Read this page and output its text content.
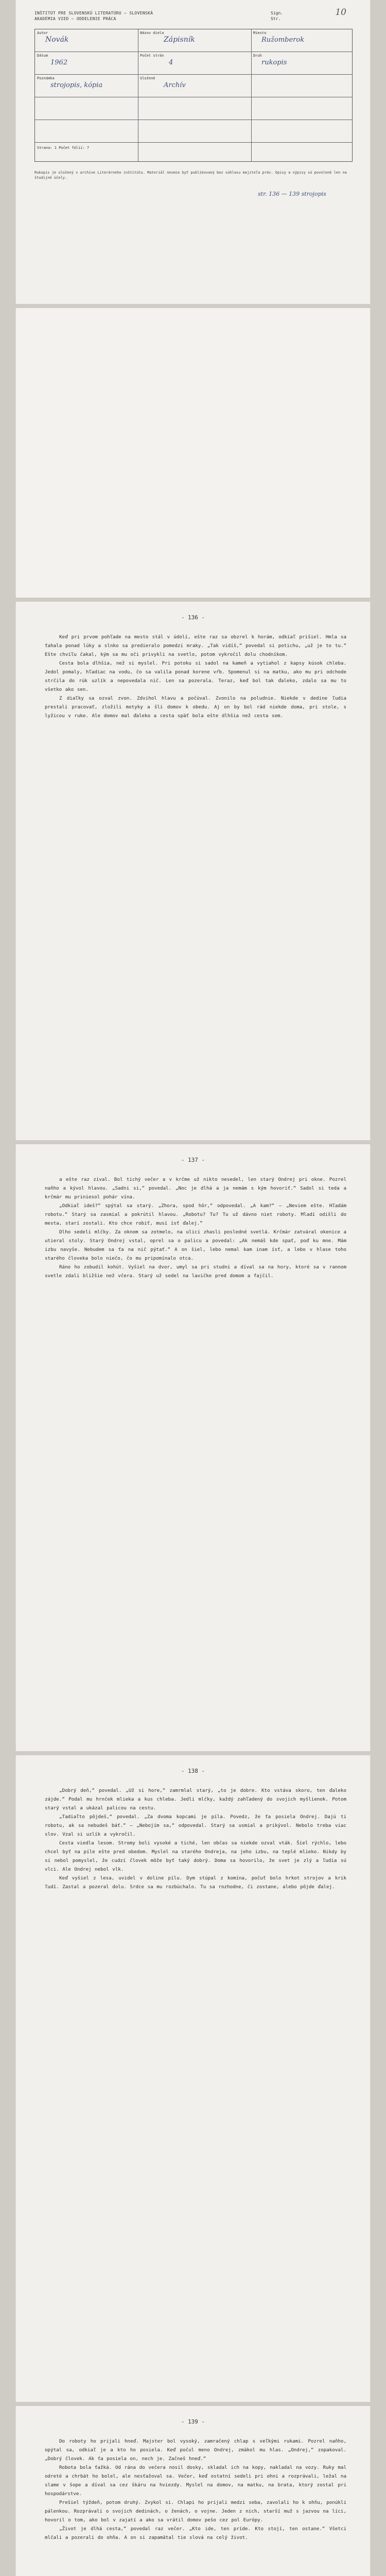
INŠTITÚT PRE SLOVENSKÚ LITERATÚRU — SLOVENSKÁ
AKADÉMIA VIED — ODDELENIE PRÁCA
Sign.
Str.
10
Autor
Novák
Názov diela
Zápisník
Miesto
Ružomberok
Dátum
1962
Počet strán
4
Druh
rukopis
Poznámka
strojopis, kópia
Uložené
Archív
Strana: 1 Počet fólií: 7
Rukopis je uložený v archíve Literárneho inštitútu. Materiál nesmie byť publikovaný bez súhlasu majiteľa práv. Opisy a výpisy sú povolené len na študijné účely.
str. 136 — 139 strojopis
- 136 -

Keď pri prvom pohľade na mesto stál v údolí, ešte raz sa obzrel k horám, odkiaľ prišiel. Hmla sa ťahala ponad lúky a slnko sa predieralo pomedzi mraky. „Tak vidíš,“ povedal si potichu, „už je to tu.“ Ešte chvíľu čakal, kým sa mu oči privykli na svetlo, potom vykročil dolu chodníkom.

Cesta bola dlhšia, než si myslel. Pri potoku si sadol na kameň a vytiahol z kapsy kúsok chleba. Jedol pomaly, hľadiac na vodu, čo sa valila ponad korene vŕb. Spomenul si na matku, ako mu pri odchode strčila do rúk uzlík a nepovedala nič. Len sa pozerala. Teraz, keď bol tak ďaleko, zdalo sa mu to všetko ako sen.

Z diaľky sa ozval zvon. Zdvihol hlavu a počúval. Zvonilo na poludnie. Niekde v dedine ľudia prestali pracovať, zložili motyky a šli domov k obedu. Aj on by bol rád niekde doma, pri stole, s lyžicou v ruke. Ale domov mal ďaleko a cesta späť bola ešte dlhšia než cesta sem.

- 137 -

a ešte raz zíval. Bol tichý večer a v krčme už nikto nesedel, len starý Ondrej pri okne. Pozrel naňho a kývol hlavou. „Sadni si,“ povedal. „Noc je dlhá a ja nemám s kým hovoriť.“ Sadol si teda a krčmár mu priniesol pohár vína.

„Odkiaľ ideš?“ spýtal sa starý. „Zhora, spod hôr,“ odpovedal. „A kam?“ — „Neviem ešte. Hľadám robotu.“ Starý sa zasmial a pokrútil hlavou. „Robotu? Tu? Tu už dávno niet roboty. Mladí odišli do mesta, starí zostali. Kto chce robiť, musí ísť ďalej.“

Dlho sedeli mlčky. Za oknom sa zotmelo, na ulici zhasli posledné svetlá. Krčmár zatváral okenice a utieral stoly. Starý Ondrej vstal, oprel sa o palicu a povedal: „Ak nemáš kde spať, poď ku mne. Mám izbu navyše. Nebudem sa ťa na nič pýtať.“ A on šiel, lebo nemal kam inam ísť, a lebo v hlase toho starého človeka bolo niečo, čo mu pripomínalo otca.

Ráno ho zobudil kohút. Vyšiel na dvor, umyl sa pri studni a díval sa na hory, ktoré sa v rannom svetle zdali bližšie než včera. Starý už sedel na lavičke pred domom a fajčil.

- 138 -

„Dobrý deň,“ povedal. „Už si hore,“ zamrmlal starý, „to je dobre. Kto vstáva skoro, ten ďaleko zájde.“ Podal mu hrnček mlieka a kus chleba. Jedli mlčky, každý zahľadený do svojich myšlienok. Potom starý vstal a ukázal palicou na cestu.

„Tadiaľto pôjdeš,“ povedal. „Za dvoma kopcami je píla. Povedz, že ťa posiela Ondrej. Dajú ti robotu, ak sa nebudeš báť.“ — „Nebojím sa,“ odpovedal. Starý sa usmial a prikývol. Nebolo treba viac slov. Vzal si uzlík a vykročil.

Cesta viedla lesom. Stromy boli vysoké a tiché, len občas sa niekde ozval vták. Šiel rýchlo, lebo chcel byť na píle ešte pred obedom. Myslel na starého Ondreja, na jeho izbu, na teplé mlieko. Nikdy by si nebol pomyslel, že cudzí človek môže byť taký dobrý. Doma sa hovorilo, že svet je zlý a ľudia sú vlci. Ale Ondrej nebol vlk.

Keď vyšiel z lesa, uvidel v doline pílu. Dym stúpal z komína, počuť bolo hrkot strojov a krik ľudí. Zastal a pozeral dolu. Srdce sa mu rozbúchalo. Tu sa rozhodne, či zostane, alebo pôjde ďalej.

- 139 -

Do roboty ho prijali hneď. Majster bol vysoký, zamračený chlap s veľkými rukami. Pozrel naňho, opýtal sa, odkiaľ je a kto ho posiela. Keď počul meno Ondrej, zmäkol mu hlas. „Ondrej,“ zopakoval. „Dobrý človek. Ak ťa posiela on, nech je. Začneš hneď.“

Robota bola ťažká. Od rána do večera nosil dosky, skladal ich na kopy, nakladal na vozy. Ruky mal odreté a chrbát ho bolel, ale nesťažoval sa. Večer, keď ostatní sedeli pri ohni a rozprávali, ležal na slame v šope a díval sa cez škáru na hviezdy. Myslel na domov, na matku, na brata, ktorý zostal pri hospodárstve.

Prešiel týždeň, potom druhý. Zvykol si. Chlapi ho prijali medzi seba, zavolali ho k ohňu, ponúkli pálenkou. Rozprávali o svojich dedinách, o ženách, o vojne. Jeden z nich, starší muž s jazvou na líci, hovoril o tom, ako bol v zajatí a ako sa vrátil domov pešo cez pol Európy.

„Život je dlhá cesta,“ povedal raz večer. „Kto ide, ten príde. Kto stojí, ten ostane.“ Všetci mlčali a pozerali do ohňa. A on si zapamätal tie slová na celý život.
